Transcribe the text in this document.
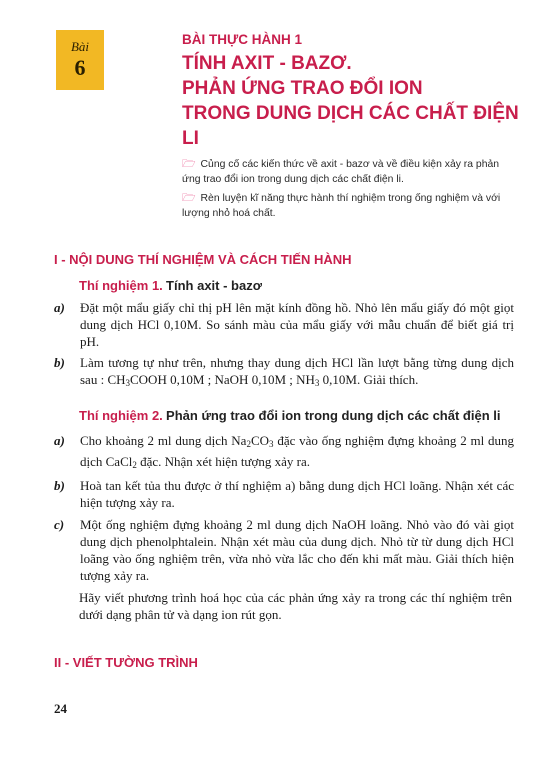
Bài
6
BÀI THỰC HÀNH 1
TÍNH AXIT - BAZƠ.
PHẢN ỨNG TRAO ĐỔI ION
TRONG DUNG DỊCH CÁC CHẤT ĐIỆN LI

🗁 Củng cố các kiến thức về axit - bazơ và về điều kiện xảy ra phản ứng trao đổi ion trong dung dịch các chất điện li.

🗁 Rèn luyện kĩ năng thực hành thí nghiệm trong ống nghiệm và với lượng nhỏ hoá chất.

I - NỘI DUNG THÍ NGHIỆM VÀ CÁCH TIẾN HÀNH
Thí nghiệm 1. Tính axit - bazơ
a) Đặt một mẩu giấy chỉ thị pH lên mặt kính đồng hồ. Nhỏ lên mẩu giấy đó một giọt dung dịch HCl 0,10M. So sánh màu của mẩu giấy với mẫu chuẩn để biết giá trị pH.
b) Làm tương tự như trên, nhưng thay dung dịch HCl lần lượt bằng từng dung dịch sau : $CH_3COOH$ 0,10M ; NaOH 0,10M ; $NH_3$ 0,10M. Giải thích.
Thí nghiệm 2. Phản ứng trao đổi ion trong dung dịch các chất điện li
a) Cho khoảng 2 ml dung dịch $Na_2CO_3$ đặc vào ống nghiệm đựng khoảng 2 ml dung dịch CaCl$_2$ đặc. Nhận xét hiện tượng xảy ra.
b) Hoà tan kết tủa thu được ở thí nghiệm a) bằng dung dịch HCl loãng. Nhận xét các hiện tượng xảy ra.
c) Một ống nghiệm đựng khoảng 2 ml dung dịch NaOH loãng. Nhỏ vào đó vài giọt dung dịch phenolphtalein. Nhận xét màu của dung dịch. Nhỏ từ từ dung dịch HCl loãng vào ống nghiệm trên, vừa nhỏ vừa lắc cho đến khi mất màu. Giải thích hiện tượng xảy ra.
Hãy viết phương trình hoá học của các phản ứng xảy ra trong các thí nghiệm trên dưới dạng phân tử và dạng ion rút gọn.
II - VIẾT TƯỜNG TRÌNH
24
